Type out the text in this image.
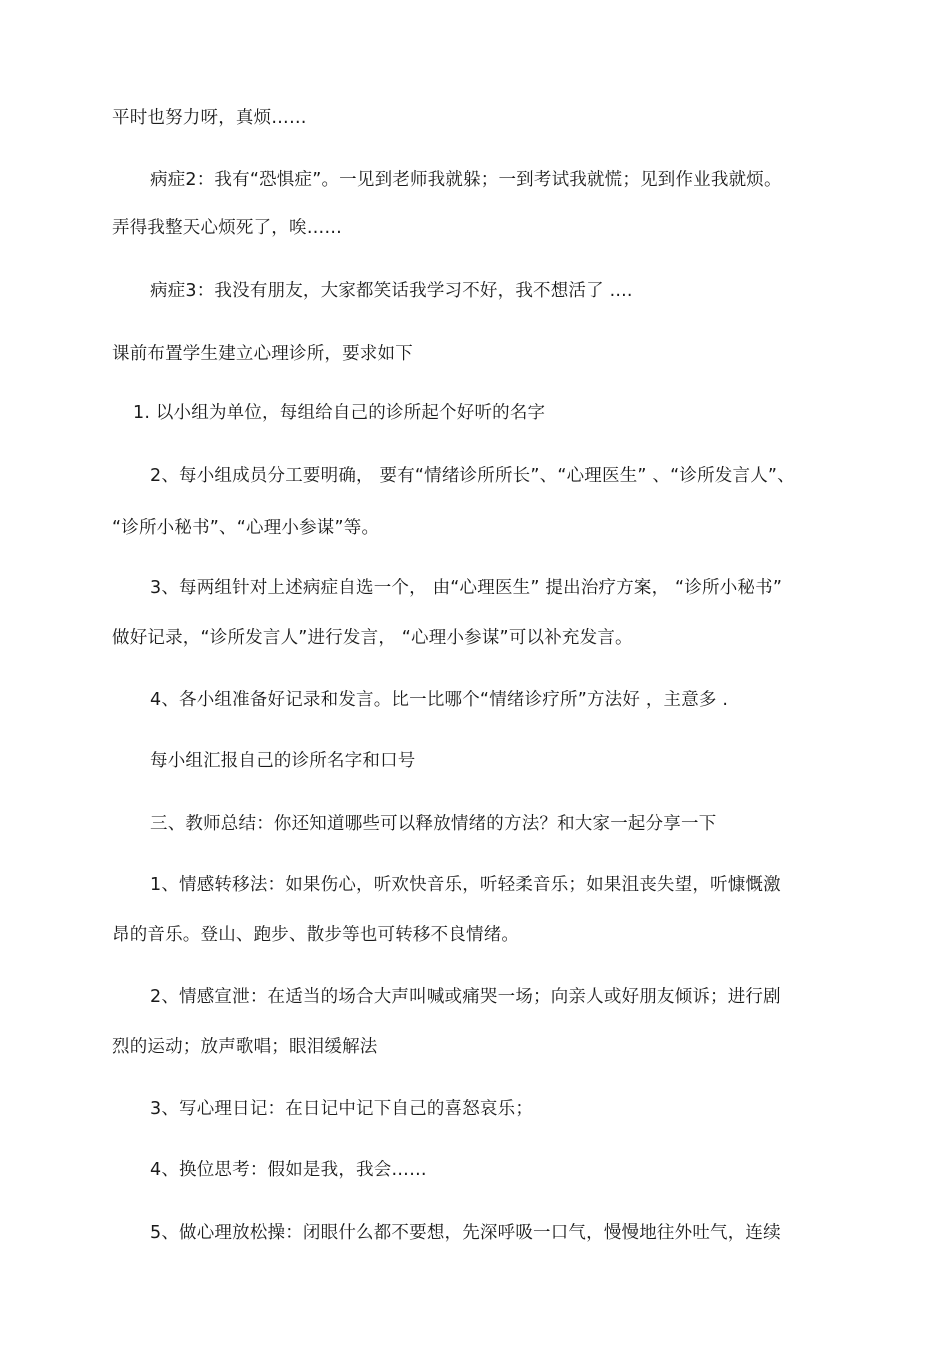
平时也努力呀，真烦……
病症2：我有“恐惧症”。一见到老师我就躲；一到考试我就慌；见到作业我就烦。
弄得我整天心烦死了，唉……
病症3：我没有朋友，大家都笑话我学习不好，我不想活了 ....
课前布置学生建立心理诊所，要求如下
1. 以小组为单位，每组给自己的诊所起个好听的名字
2、每小组成员分工要明确， 要有“情绪诊所所长”、“心理医生” 、“诊所发言人”、
“诊所小秘书”、“心理小参谋”等。
3、每两组针对上述病症自选一个， 由“心理医生” 提出治疗方案， “诊所小秘书”
做好记录，“诊所发言人”进行发言， “心理小参谋”可以补充发言。
4、各小组准备好记录和发言。比一比哪个“情绪诊疗所”方法好 ，主意多 .
每小组汇报自己的诊所名字和口号
三、教师总结：你还知道哪些可以释放情绪的方法？和大家一起分享一下
1、情感转移法：如果伤心，听欢快音乐，听轻柔音乐；如果沮丧失望，听慷慨激
昂的音乐。登山、跑步、散步等也可转移不良情绪。
2、情感宣泄：在适当的场合大声叫喊或痛哭一场；向亲人或好朋友倾诉；进行剧
烈的运动；放声歌唱；眼泪缓解法
3、写心理日记：在日记中记下自己的喜怒哀乐；
4、换位思考：假如是我，我会……
5、做心理放松操：闭眼什么都不要想，先深呼吸一口气，慢慢地往外吐气，连续
